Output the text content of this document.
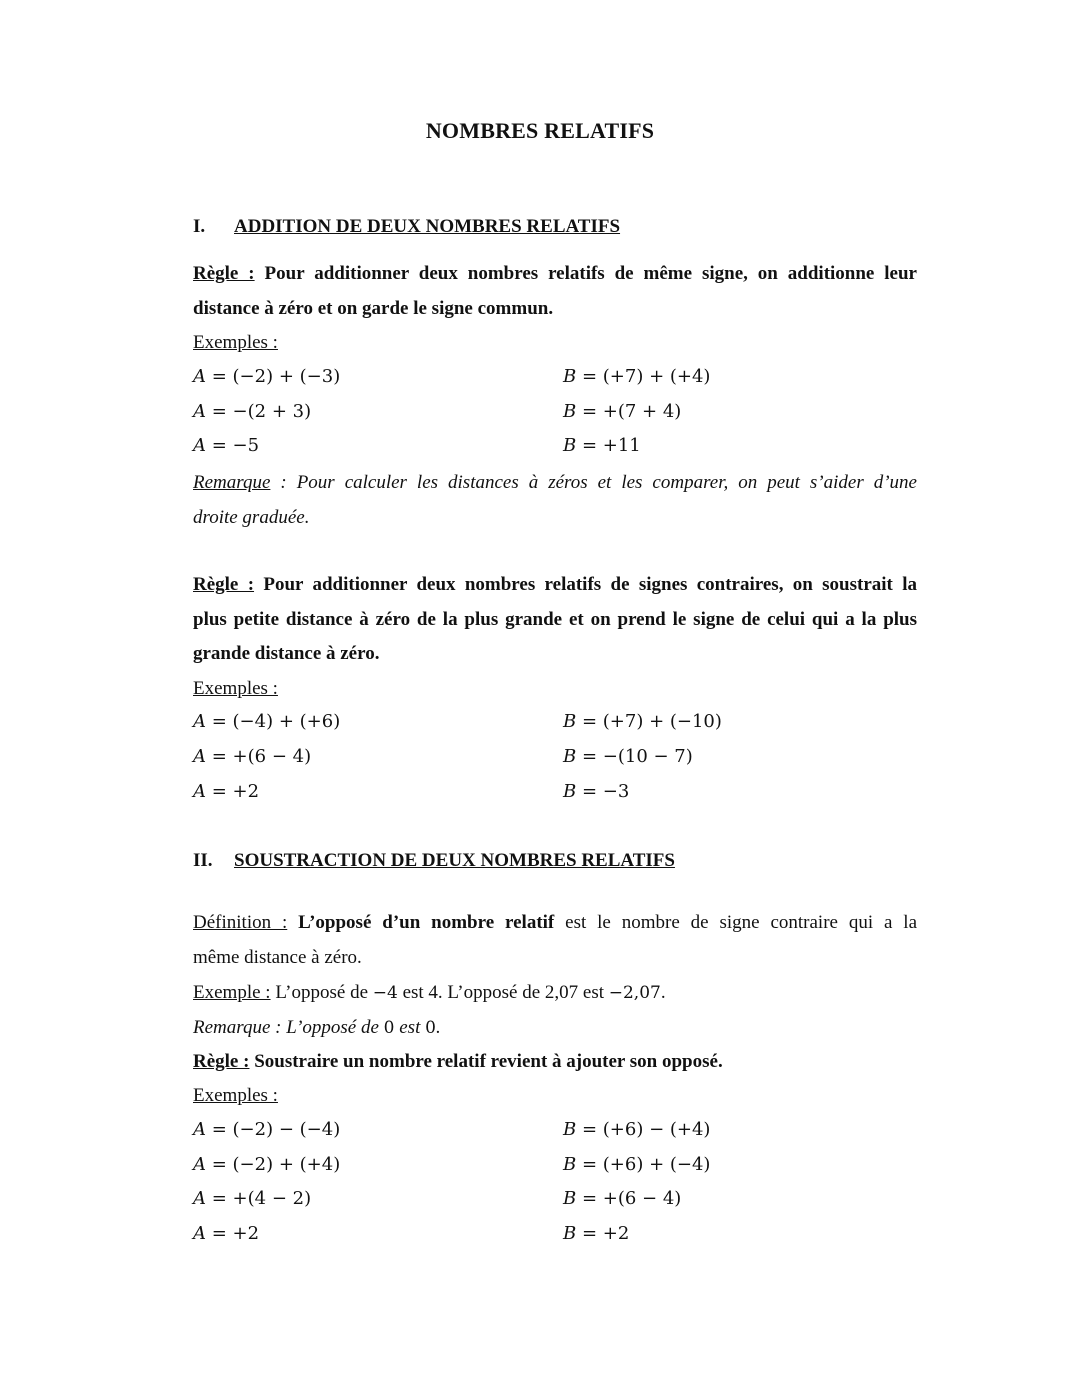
NOMBRES RELATIFS
I. ADDITION DE DEUX NOMBRES RELATIFS
Règle : Pour additionner deux nombres relatifs de même signe, on additionne leur
distance à zéro et on garde le signe commun.
Exemples :
A = (−2) + (−3)	B = (+7) + (+4)
A = −(2 + 3)	B = +(7 + 4)
A = −5	B = +11
Remarque : Pour calculer les distances à zéros et les comparer, on peut s’aider d’une
droite graduée.
Règle : Pour additionner deux nombres relatifs de signes contraires, on soustrait la
plus petite distance à zéro de la plus grande et on prend le signe de celui qui a la plus
grande distance à zéro.
Exemples :
A = (−4) + (+6)	B = (+7) + (−10)
A = +(6 − 4)	B = −(10 − 7)
A = +2	B = −3
II. SOUSTRACTION DE DEUX NOMBRES RELATIFS
Définition : L’opposé d’un nombre relatif est le nombre de signe contraire qui a la
même distance à zéro.
Exemple : L’opposé de −4 est 4. L’opposé de 2,07 est −2,07.
Remarque : L’opposé de 0 est 0.
Règle : Soustraire un nombre relatif revient à ajouter son opposé.
Exemples :
A = (−2) − (−4)	B = (+6) − (+4)
A = (−2) + (+4)	B = (+6) + (−4)
A = +(4 − 2)	B = +(6 − 4)
A = +2	B = +2
